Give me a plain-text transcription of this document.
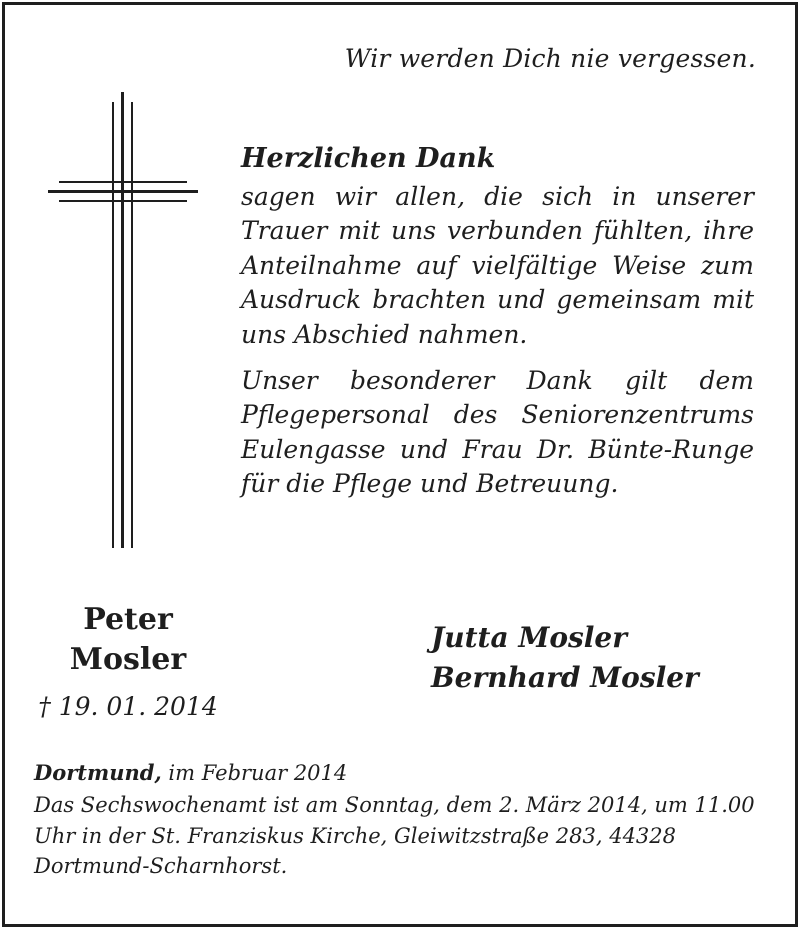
Wir werden Dich nie vergessen.

Herzlichen Dank

sagen wir allen, die sich in unserer Trauer mit uns verbunden fühlten, ihre Anteilnahme auf vielfältige Weise zum Ausdruck brachten und gemeinsam mit uns Abschied nahmen.

Unser besonderer Dank gilt dem Pflegepersonal des Seniorenzentrums Eulengasse und Frau Dr. Bünte-Runge für die Pflege und Betreuung.

Peter

Mosler

† 19. 01. 2014
Jutta Mosler
Bernhard Mosler
Dortmund, im Februar 2014

Das Sechswochenamt ist am Sonntag, dem 2. März 2014, um 11.00 Uhr in der St. Franziskus Kirche, Gleiwitzstraße 283, 44328 Dortmund-Scharnhorst.
